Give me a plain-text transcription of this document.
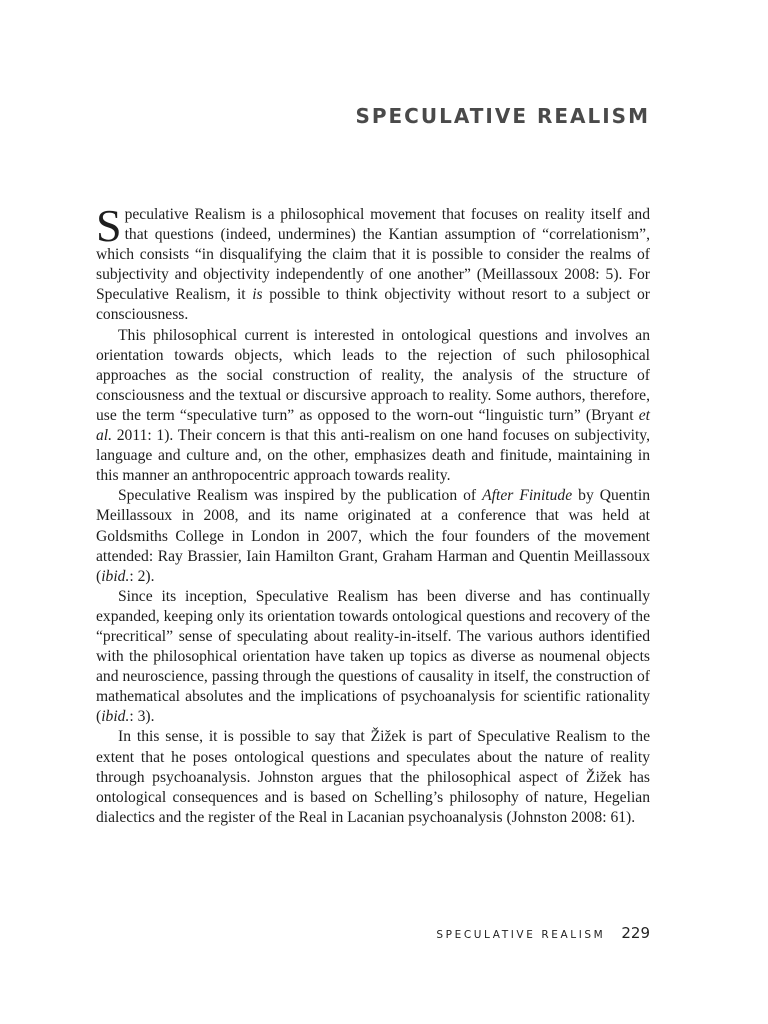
SPECULATIVE REALISM

Speculative Realism is a philosophical movement that focuses on reality itself and that questions (indeed, undermines) the Kantian assumption of “correlationism”, which consists “in disqualifying the claim that it is possible to consider the realms of subjectivity and objectivity independently of one another” (Meillassoux 2008: 5). For Speculative Realism, it is possible to think objectivity without resort to a subject or consciousness.

This philosophical current is interested in ontological questions and involves an orientation towards objects, which leads to the rejection of such philosophical approaches as the social construction of reality, the analysis of the structure of consciousness and the textual or discursive approach to reality. Some authors, therefore, use the term “speculative turn” as opposed to the worn-out “linguistic turn” (Bryant et al. 2011: 1). Their concern is that this anti-realism on one hand focuses on subjectivity, language and culture and, on the other, emphasizes death and finitude, maintaining in this manner an anthropocentric approach towards reality.

Speculative Realism was inspired by the publication of After Finitude by Quentin Meillassoux in 2008, and its name originated at a conference that was held at Goldsmiths College in London in 2007, which the four founders of the movement attended: Ray Brassier, Iain Hamilton Grant, Graham Harman and Quentin Meillassoux (ibid.: 2).

Since its inception, Speculative Realism has been diverse and has continually expanded, keeping only its orientation towards ontological questions and recovery of the “precritical” sense of speculating about reality-in-itself. The various authors identified with the philosophical orientation have taken up topics as diverse as noumenal objects and neuroscience, passing through the questions of causality in itself, the construction of mathematical absolutes and the implications of psychoanalysis for scientific rationality (ibid.: 3).

In this sense, it is possible to say that Žižek is part of Speculative Realism to the extent that he poses ontological questions and speculates about the nature of reality through psychoanalysis. Johnston argues that the philosophical aspect of Žižek has ontological consequences and is based on Schelling’s philosophy of nature, Hegelian dialectics and the register of the Real in Lacanian psychoanalysis (Johnston 2008: 61).

SPECULATIVE REALISM 229
